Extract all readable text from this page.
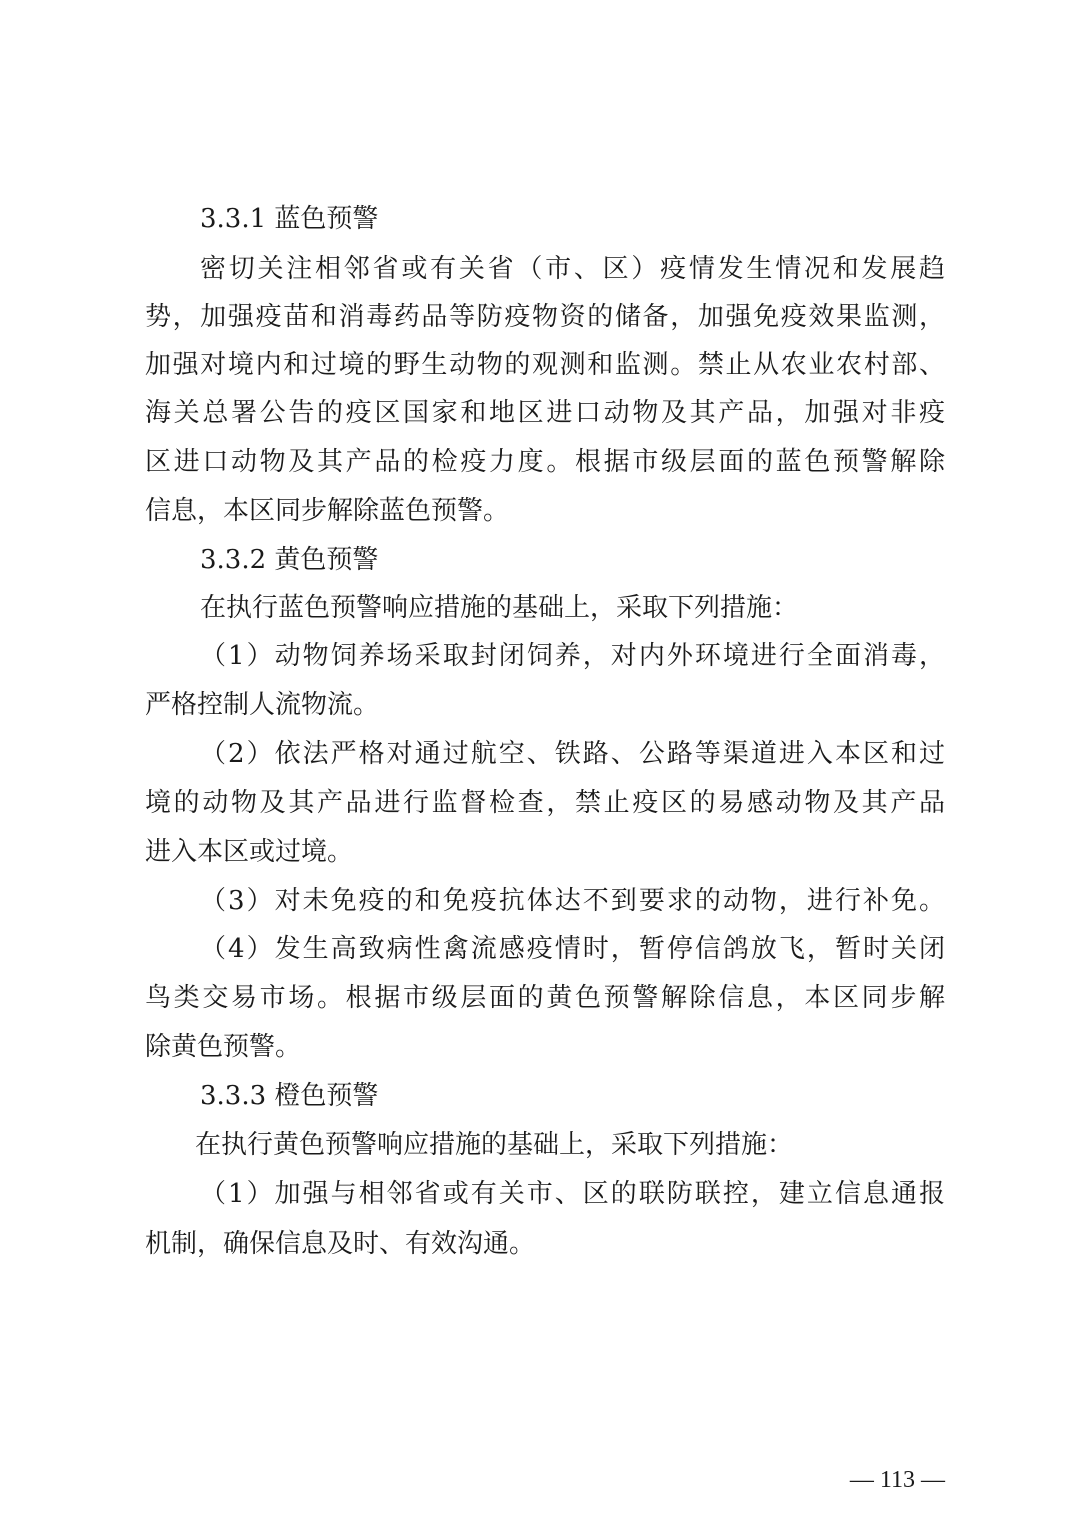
3.3.1 蓝色预警
密切关注相邻省或有关省（市、区）疫情发生情况和发展趋
势，加强疫苗和消毒药品等防疫物资的储备，加强免疫效果监测，
加强对境内和过境的野生动物的观测和监测。禁止从农业农村部、
海关总署公告的疫区国家和地区进口动物及其产品，加强对非疫
区进口动物及其产品的检疫力度。根据市级层面的蓝色预警解除
信息，本区同步解除蓝色预警。
3.3.2 黄色预警
在执行蓝色预警响应措施的基础上，采取下列措施：
（1）动物饲养场采取封闭饲养，对内外环境进行全面消毒，
严格控制人流物流。
（2）依法严格对通过航空、铁路、公路等渠道进入本区和过
境的动物及其产品进行监督检查，禁止疫区的易感动物及其产品
进入本区或过境。
（3）对未免疫的和免疫抗体达不到要求的动物，进行补免。
（4）发生高致病性禽流感疫情时，暂停信鸽放飞，暂时关闭
鸟类交易市场。根据市级层面的黄色预警解除信息，本区同步解
除黄色预警。
3.3.3 橙色预警
在执行黄色预警响应措施的基础上，采取下列措施：
（1）加强与相邻省或有关市、区的联防联控，建立信息通报
机制，确保信息及时、有效沟通。
— 113 —
